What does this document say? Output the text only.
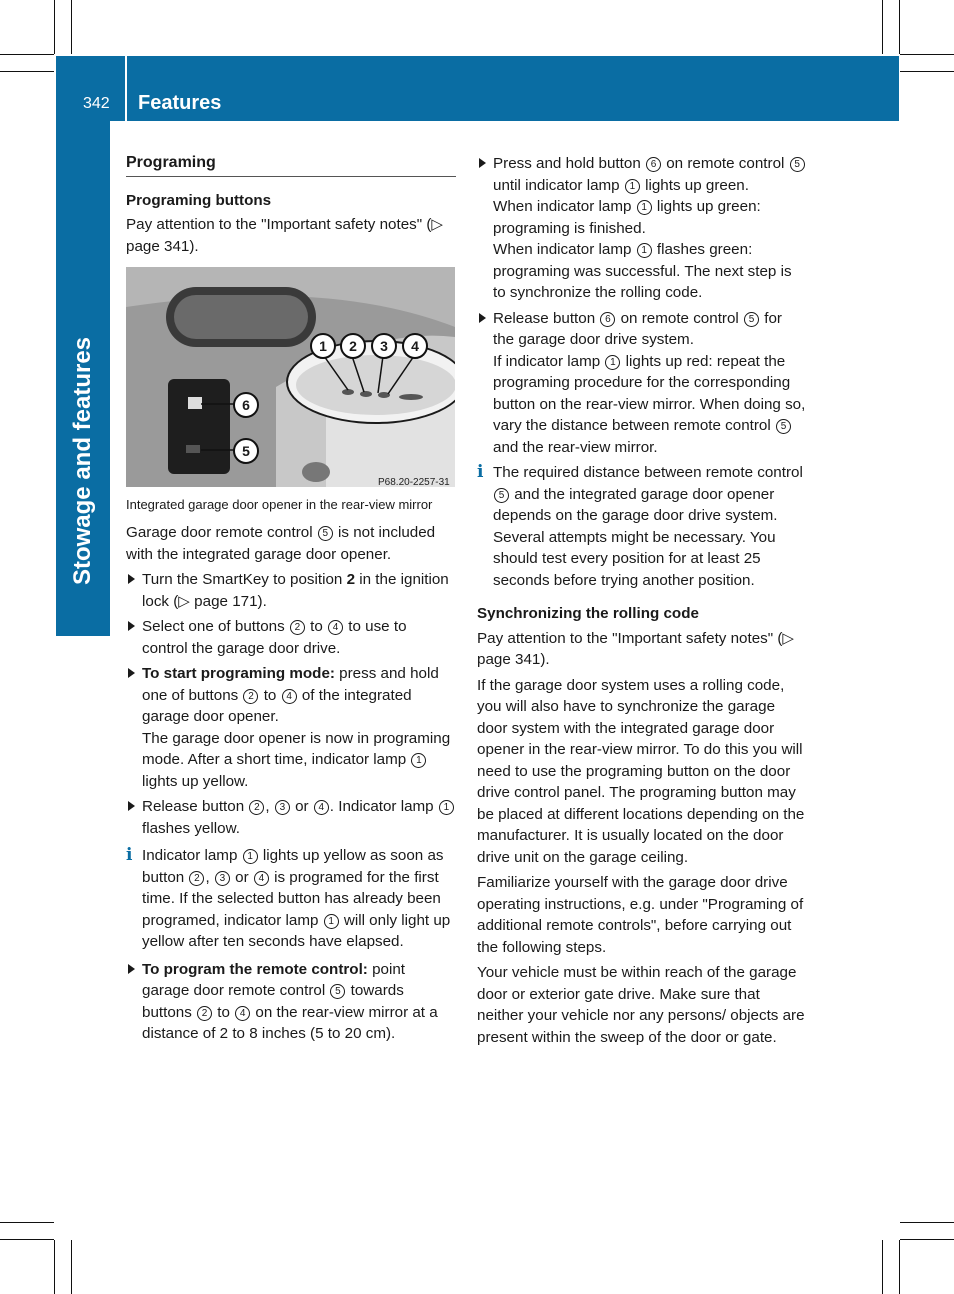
342 Features
Stowage and features
Programing
Programing buttons

Pay attention to the "Important safety notes" (▷ page 341).

1	2	3	4
6
5
P68.20-2257-31
Integrated garage door opener in the rear-view mirror

Garage door remote control 5 is not included with the integrated garage door opener.

Turn the SmartKey to position 2 in the ignition lock (▷ page 171).
Select one of buttons 2 to 4 to use to control the garage door drive.
To start programing mode: press and hold one of buttons 2 to 4 of the integrated garage door opener.
The garage door opener is now in programing mode. After a short time, indicator lamp 1 lights up yellow.
Release button 2 , 3 or 4 . Indicator lamp 1 flashes yellow.
i Indicator lamp 1 lights up yellow as soon as button 2 , 3 or 4 is programed for the first time. If the selected button has already been programed, indicator lamp 1 will only light up yellow after ten seconds have elapsed.
To program the remote control: point garage door remote control 5 towards buttons 2 to 4 on the rear-view mirror at a distance of 2 to 8 inches (5 to 20 cm).
Press and hold button 6 on remote control 5 until indicator lamp 1 lights up green.
When indicator lamp 1 lights up green: programing is finished.
When indicator lamp 1 flashes green: programing was successful. The next step is to synchronize the rolling code.
Release button 6 on remote control 5 for the garage door drive system.
If indicator lamp 1 lights up red: repeat the programing procedure for the corresponding button on the rear-view mirror. When doing so, vary the distance between remote control 5 and the rear-view mirror.
i The required distance between remote control 5 and the integrated garage door opener depends on the garage door drive system. Several attempts might be necessary. You should test every position for at least 25 seconds before trying another position.
Synchronizing the rolling code

Pay attention to the "Important safety notes" (▷ page 341).

If the garage door system uses a rolling code, you will also have to synchronize the garage door system with the integrated garage door opener in the rear-view mirror. To do this you will need to use the programing button on the door drive control panel. The programing button may be placed at different locations depending on the manufacturer. It is usually located on the door drive unit on the garage ceiling.

Familiarize yourself with the garage door drive operating instructions, e.g. under "Programing of additional remote controls", before carrying out the following steps.

Your vehicle must be within reach of the garage door or exterior gate drive. Make sure that neither your vehicle nor any persons/ objects are present within the sweep of the door or gate.
